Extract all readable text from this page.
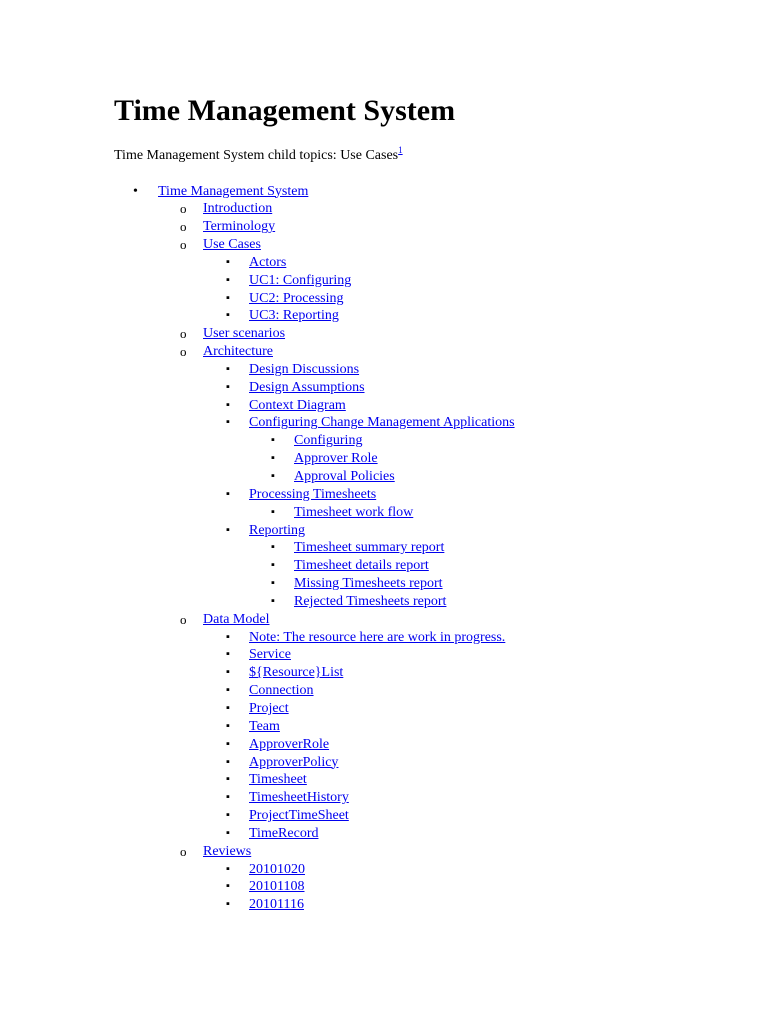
Time Management System

Time Management System child topics: Use Cases$^1$

• Time Management System
o Introduction
o Terminology
o Use Cases
▪ Actors
▪ UC1: Configuring
▪ UC2: Processing
▪ UC3: Reporting
o User scenarios
o Architecture
▪ Design Discussions
▪ Design Assumptions
▪ Context Diagram
▪ Configuring Change Management Applications
▪ Configuring
▪ Approver Role
▪ Approval Policies
▪ Processing Timesheets
▪ Timesheet work flow
▪ Reporting
▪ Timesheet summary report
▪ Timesheet details report
▪ Missing Timesheets report
▪ Rejected Timesheets report
o Data Model
▪ Note: The resource here are work in progress.
▪ Service
▪ ${Resource}List
▪ Connection
▪ Project
▪ Team
▪ ApproverRole
▪ ApproverPolicy
▪ Timesheet
▪ TimesheetHistory
▪ ProjectTimeSheet
▪ TimeRecord
o Reviews
▪ 20101020
▪ 20101108
▪ 20101116
